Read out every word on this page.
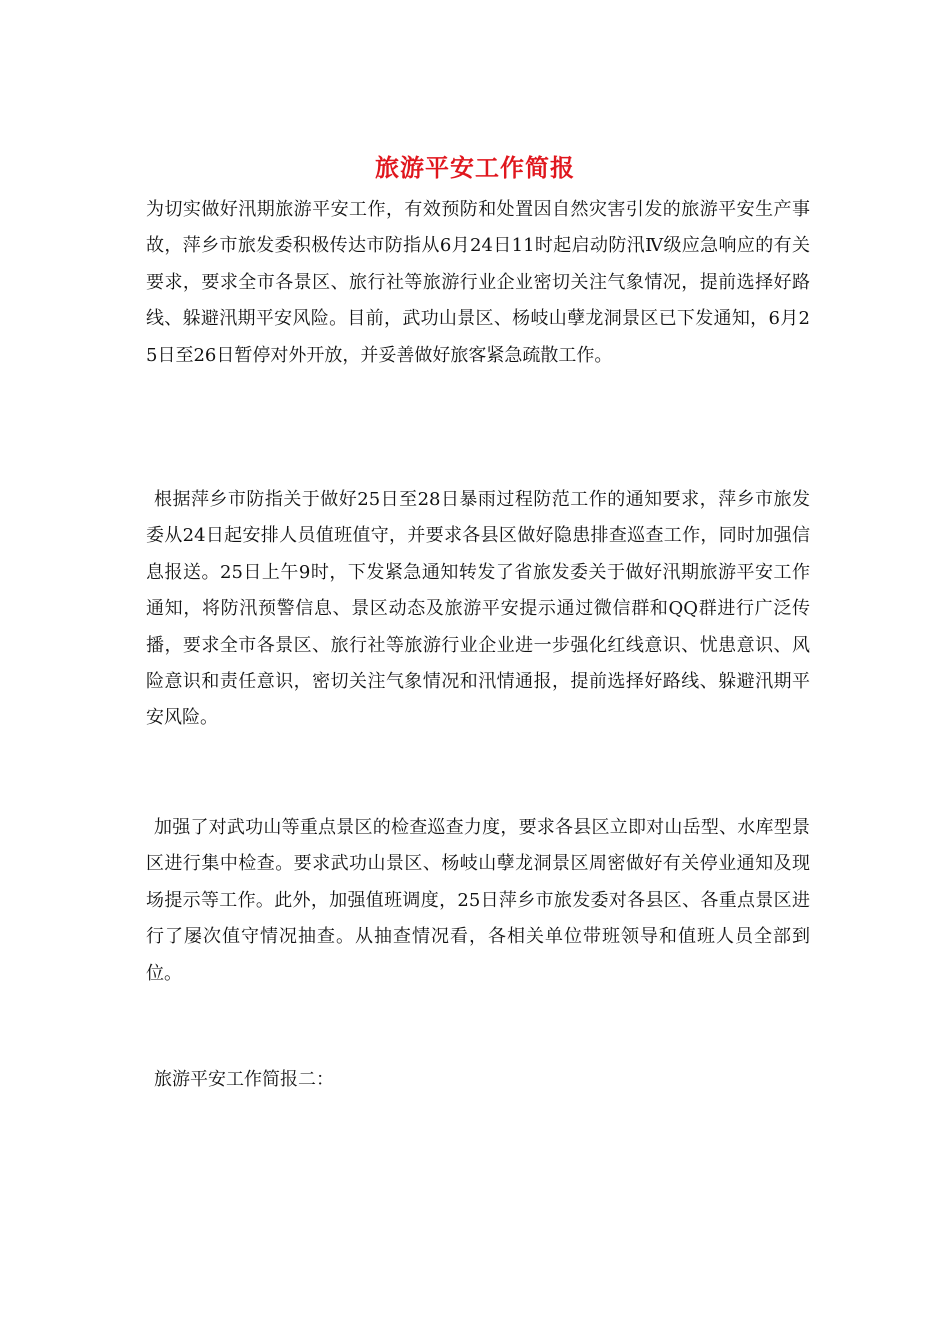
旅游平安工作简报

为切实做好汛期旅游平安工作，有效预防和处置因自然灾害引发的旅游平安生产事故，萍乡市旅发委积极传达市防指从6月24日11时起启动防汛Ⅳ级应急响应的有关要求，要求全市各景区、旅行社等旅游行业企业密切关注气象情况，提前选择好路线、躲避汛期平安风险。目前，武功山景区、杨岐山孽龙洞景区已下发通知，6月25日至26日暂停对外开放，并妥善做好旅客紧急疏散工作。

根据萍乡市防指关于做好25日至28日暴雨过程防范工作的通知要求，萍乡市旅发委从24日起安排人员值班值守，并要求各县区做好隐患排查巡查工作，同时加强信息报送。25日上午9时，下发紧急通知转发了省旅发委关于做好汛期旅游平安工作通知，将防汛预警信息、景区动态及旅游平安提示通过微信群和QQ群进行广泛传播，要求全市各景区、旅行社等旅游行业企业进一步强化红线意识、忧患意识、风险意识和责任意识，密切关注气象情况和汛情通报，提前选择好路线、躲避汛期平安风险。

加强了对武功山等重点景区的检查巡查力度，要求各县区立即对山岳型、水库型景区进行集中检查。要求武功山景区、杨岐山孽龙洞景区周密做好有关停业通知及现场提示等工作。此外，加强值班调度，25日萍乡市旅发委对各县区、各重点景区进行了屡次值守情况抽查。从抽查情况看，各相关单位带班领导和值班人员全部到位。

旅游平安工作简报二：
